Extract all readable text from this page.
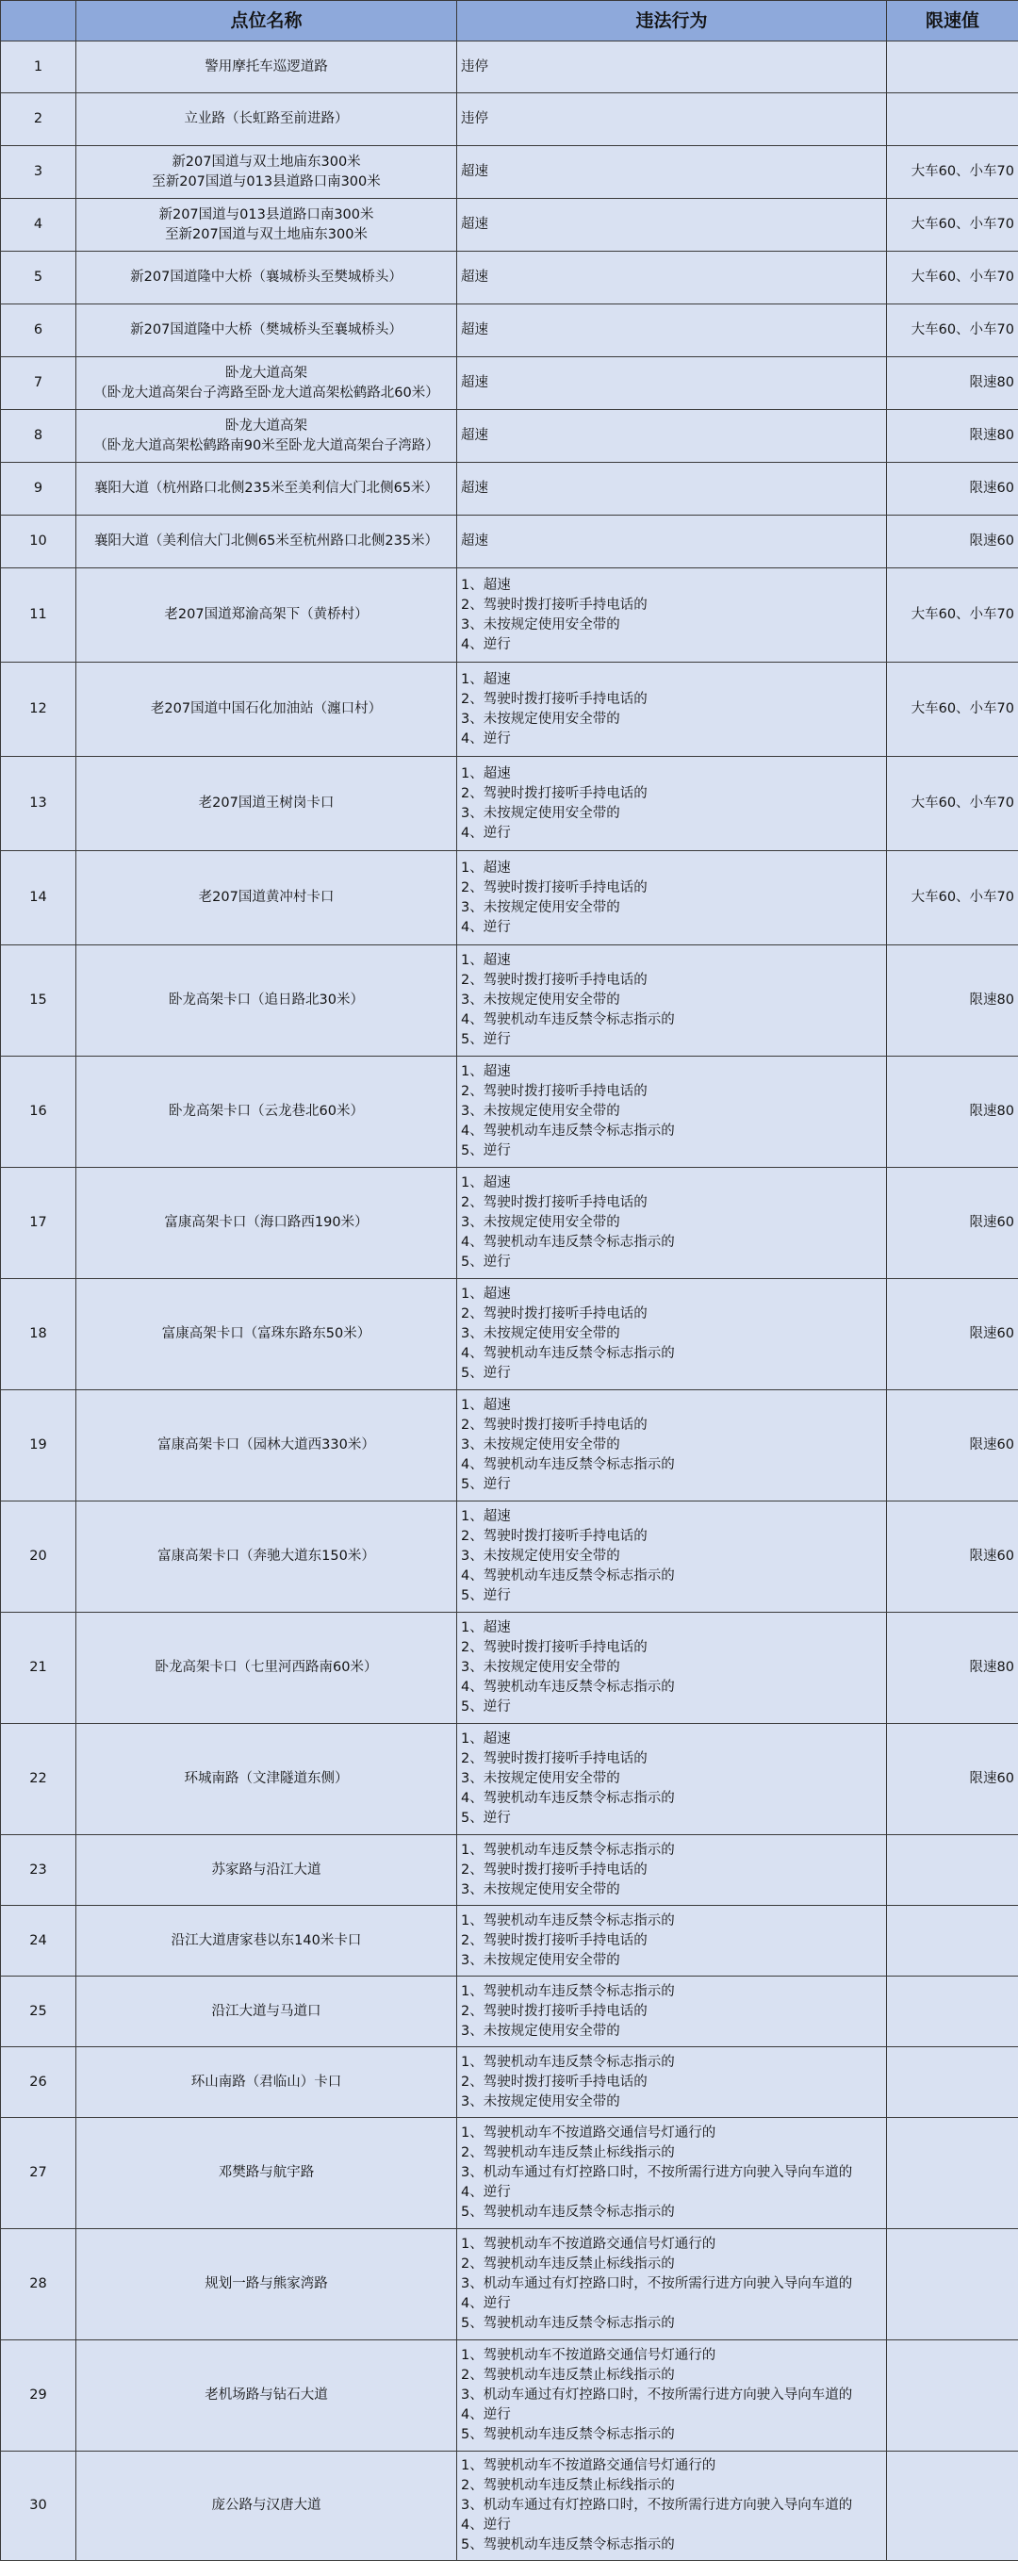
	点位名称	违法行为	限速值
1	警用摩托车巡逻道路	违停	

2	立业路（长虹路至前进路）	违停	

3	新207国道与双土地庙东300米
至新207国道与013县道路口南300米	超速	大车60、小车70
4	新207国道与013县道路口南300米
至新207国道与双土地庙东300米	超速	大车60、小车70
5	新207国道隆中大桥（襄城桥头至樊城桥头）	超速	大车60、小车70
6	新207国道隆中大桥（樊城桥头至襄城桥头）	超速	大车60、小车70
7	卧龙大道高架
（卧龙大道高架台子湾路至卧龙大道高架松鹤路北60米）	超速	限速80
8	卧龙大道高架
（卧龙大道高架松鹤路南90米至卧龙大道高架台子湾路）	超速	限速80
9	襄阳大道（杭州路口北侧235米至美利信大门北侧65米）	超速	限速60
10	襄阳大道（美利信大门北侧65米至杭州路口北侧235米）	超速	限速60
11	老207国道郑渝高架下（黄桥村）	1、超速
2、驾驶时拨打接听手持电话的
3、未按规定使用安全带的
4、逆行	大车60、小车70
12	老207国道中国石化加油站（瀍口村）	1、超速
2、驾驶时拨打接听手持电话的
3、未按规定使用安全带的
4、逆行	大车60、小车70
13	老207国道王树岗卡口	1、超速
2、驾驶时拨打接听手持电话的
3、未按规定使用安全带的
4、逆行	大车60、小车70
14	老207国道黄冲村卡口	1、超速
2、驾驶时拨打接听手持电话的
3、未按规定使用安全带的
4、逆行	大车60、小车70
15	卧龙高架卡口（追日路北30米）	1、超速
2、驾驶时拨打接听手持电话的
3、未按规定使用安全带的
4、驾驶机动车违反禁令标志指示的
5、逆行	限速80
16	卧龙高架卡口（云龙巷北60米）	1、超速
2、驾驶时拨打接听手持电话的
3、未按规定使用安全带的
4、驾驶机动车违反禁令标志指示的
5、逆行	限速80
17	富康高架卡口（海口路西190米）	1、超速
2、驾驶时拨打接听手持电话的
3、未按规定使用安全带的
4、驾驶机动车违反禁令标志指示的
5、逆行	限速60
18	富康高架卡口（富珠东路东50米）	1、超速
2、驾驶时拨打接听手持电话的
3、未按规定使用安全带的
4、驾驶机动车违反禁令标志指示的
5、逆行	限速60
19	富康高架卡口（园林大道西330米）	1、超速
2、驾驶时拨打接听手持电话的
3、未按规定使用安全带的
4、驾驶机动车违反禁令标志指示的
5、逆行	限速60
20	富康高架卡口（奔驰大道东150米）	1、超速
2、驾驶时拨打接听手持电话的
3、未按规定使用安全带的
4、驾驶机动车违反禁令标志指示的
5、逆行	限速60
21	卧龙高架卡口（七里河西路南60米）	1、超速
2、驾驶时拨打接听手持电话的
3、未按规定使用安全带的
4、驾驶机动车违反禁令标志指示的
5、逆行	限速80
22	环城南路（文津隧道东侧）	1、超速
2、驾驶时拨打接听手持电话的
3、未按规定使用安全带的
4、驾驶机动车违反禁令标志指示的
5、逆行	限速60
23	苏家路与沿江大道	1、驾驶机动车违反禁令标志指示的
2、驾驶时拨打接听手持电话的
3、未按规定使用安全带的	

24	沿江大道唐家巷以东140米卡口	1、驾驶机动车违反禁令标志指示的
2、驾驶时拨打接听手持电话的
3、未按规定使用安全带的	

25	沿江大道与马道口	1、驾驶机动车违反禁令标志指示的
2、驾驶时拨打接听手持电话的
3、未按规定使用安全带的	

26	环山南路（君临山）卡口	1、驾驶机动车违反禁令标志指示的
2、驾驶时拨打接听手持电话的
3、未按规定使用安全带的	

27	邓樊路与航宇路	1、驾驶机动车不按道路交通信号灯通行的
2、驾驶机动车违反禁止标线指示的
3、机动车通过有灯控路口时，不按所需行进方向驶入导向车道的
4、逆行
5、驾驶机动车违反禁令标志指示的	

28	规划一路与熊家湾路	1、驾驶机动车不按道路交通信号灯通行的
2、驾驶机动车违反禁止标线指示的
3、机动车通过有灯控路口时，不按所需行进方向驶入导向车道的
4、逆行
5、驾驶机动车违反禁令标志指示的	

29	老机场路与钻石大道	1、驾驶机动车不按道路交通信号灯通行的
2、驾驶机动车违反禁止标线指示的
3、机动车通过有灯控路口时，不按所需行进方向驶入导向车道的
4、逆行
5、驾驶机动车违反禁令标志指示的	

30	庞公路与汉唐大道	1、驾驶机动车不按道路交通信号灯通行的
2、驾驶机动车违反禁止标线指示的
3、机动车通过有灯控路口时，不按所需行进方向驶入导向车道的
4、逆行
5、驾驶机动车违反禁令标志指示的	
